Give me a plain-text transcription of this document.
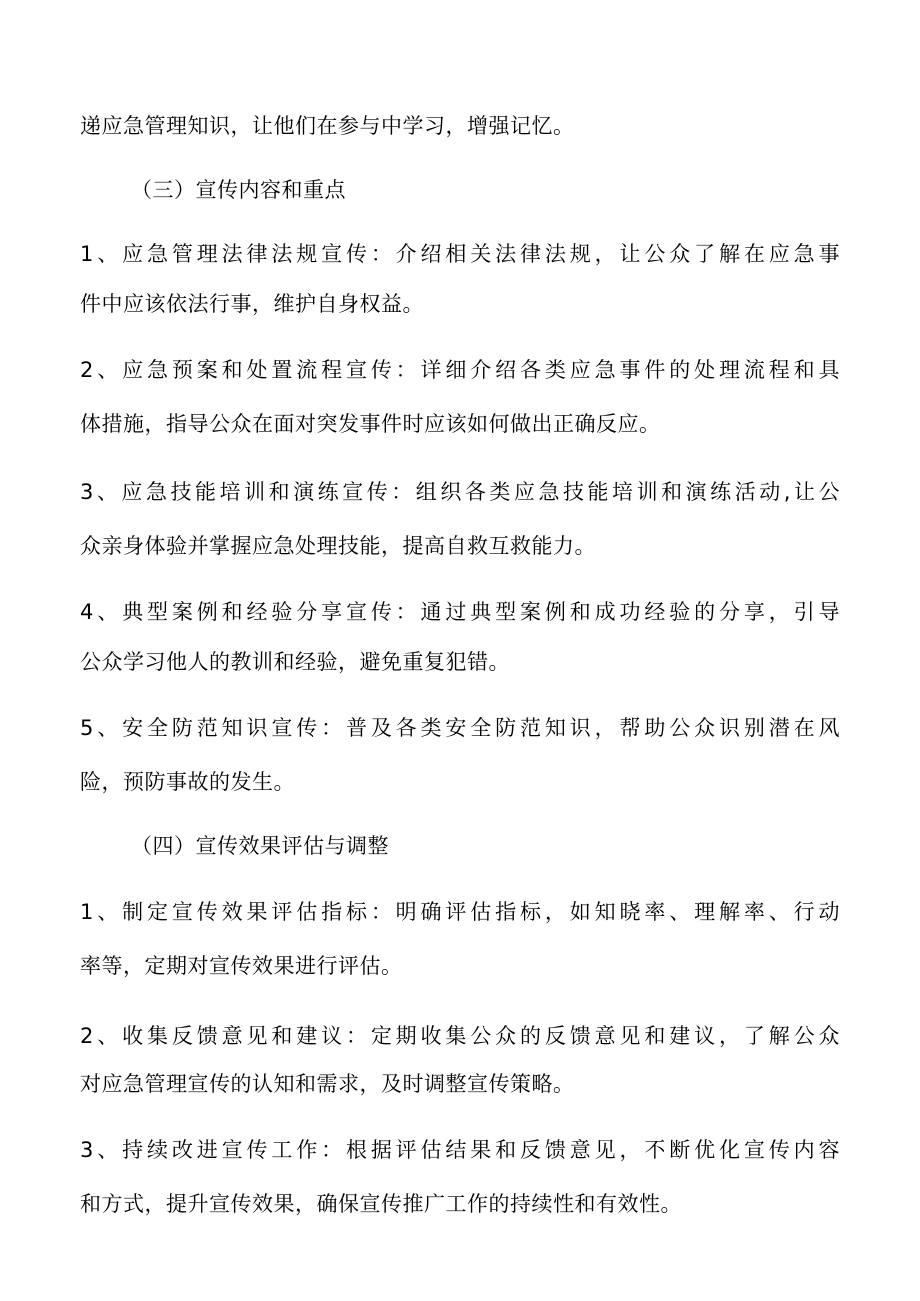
递应急管理知识，让他们在参与中学习，增强记忆。
（三）宣传内容和重点
1、应急管理法律法规宣传：介绍相关法律法规，让公众了解在应急事
件中应该依法行事，维护自身权益。
2、应急预案和处置流程宣传：详细介绍各类应急事件的处理流程和具
体措施，指导公众在面对突发事件时应该如何做出正确反应。
3、应急技能培训和演练宣传：组织各类应急技能培训和演练活动,让公
众亲身体验并掌握应急处理技能，提高自救互救能力。
4、典型案例和经验分享宣传：通过典型案例和成功经验的分享，引导
公众学习他人的教训和经验，避免重复犯错。
5、安全防范知识宣传：普及各类安全防范知识，帮助公众识别潜在风
险，预防事故的发生。
（四）宣传效果评估与调整
1、制定宣传效果评估指标：明确评估指标，如知晓率、理解率、行动
率等，定期对宣传效果进行评估。
2、收集反馈意见和建议：定期收集公众的反馈意见和建议，了解公众
对应急管理宣传的认知和需求，及时调整宣传策略。
3、持续改进宣传工作：根据评估结果和反馈意见，不断优化宣传内容
和方式，提升宣传效果，确保宣传推广工作的持续性和有效性。
